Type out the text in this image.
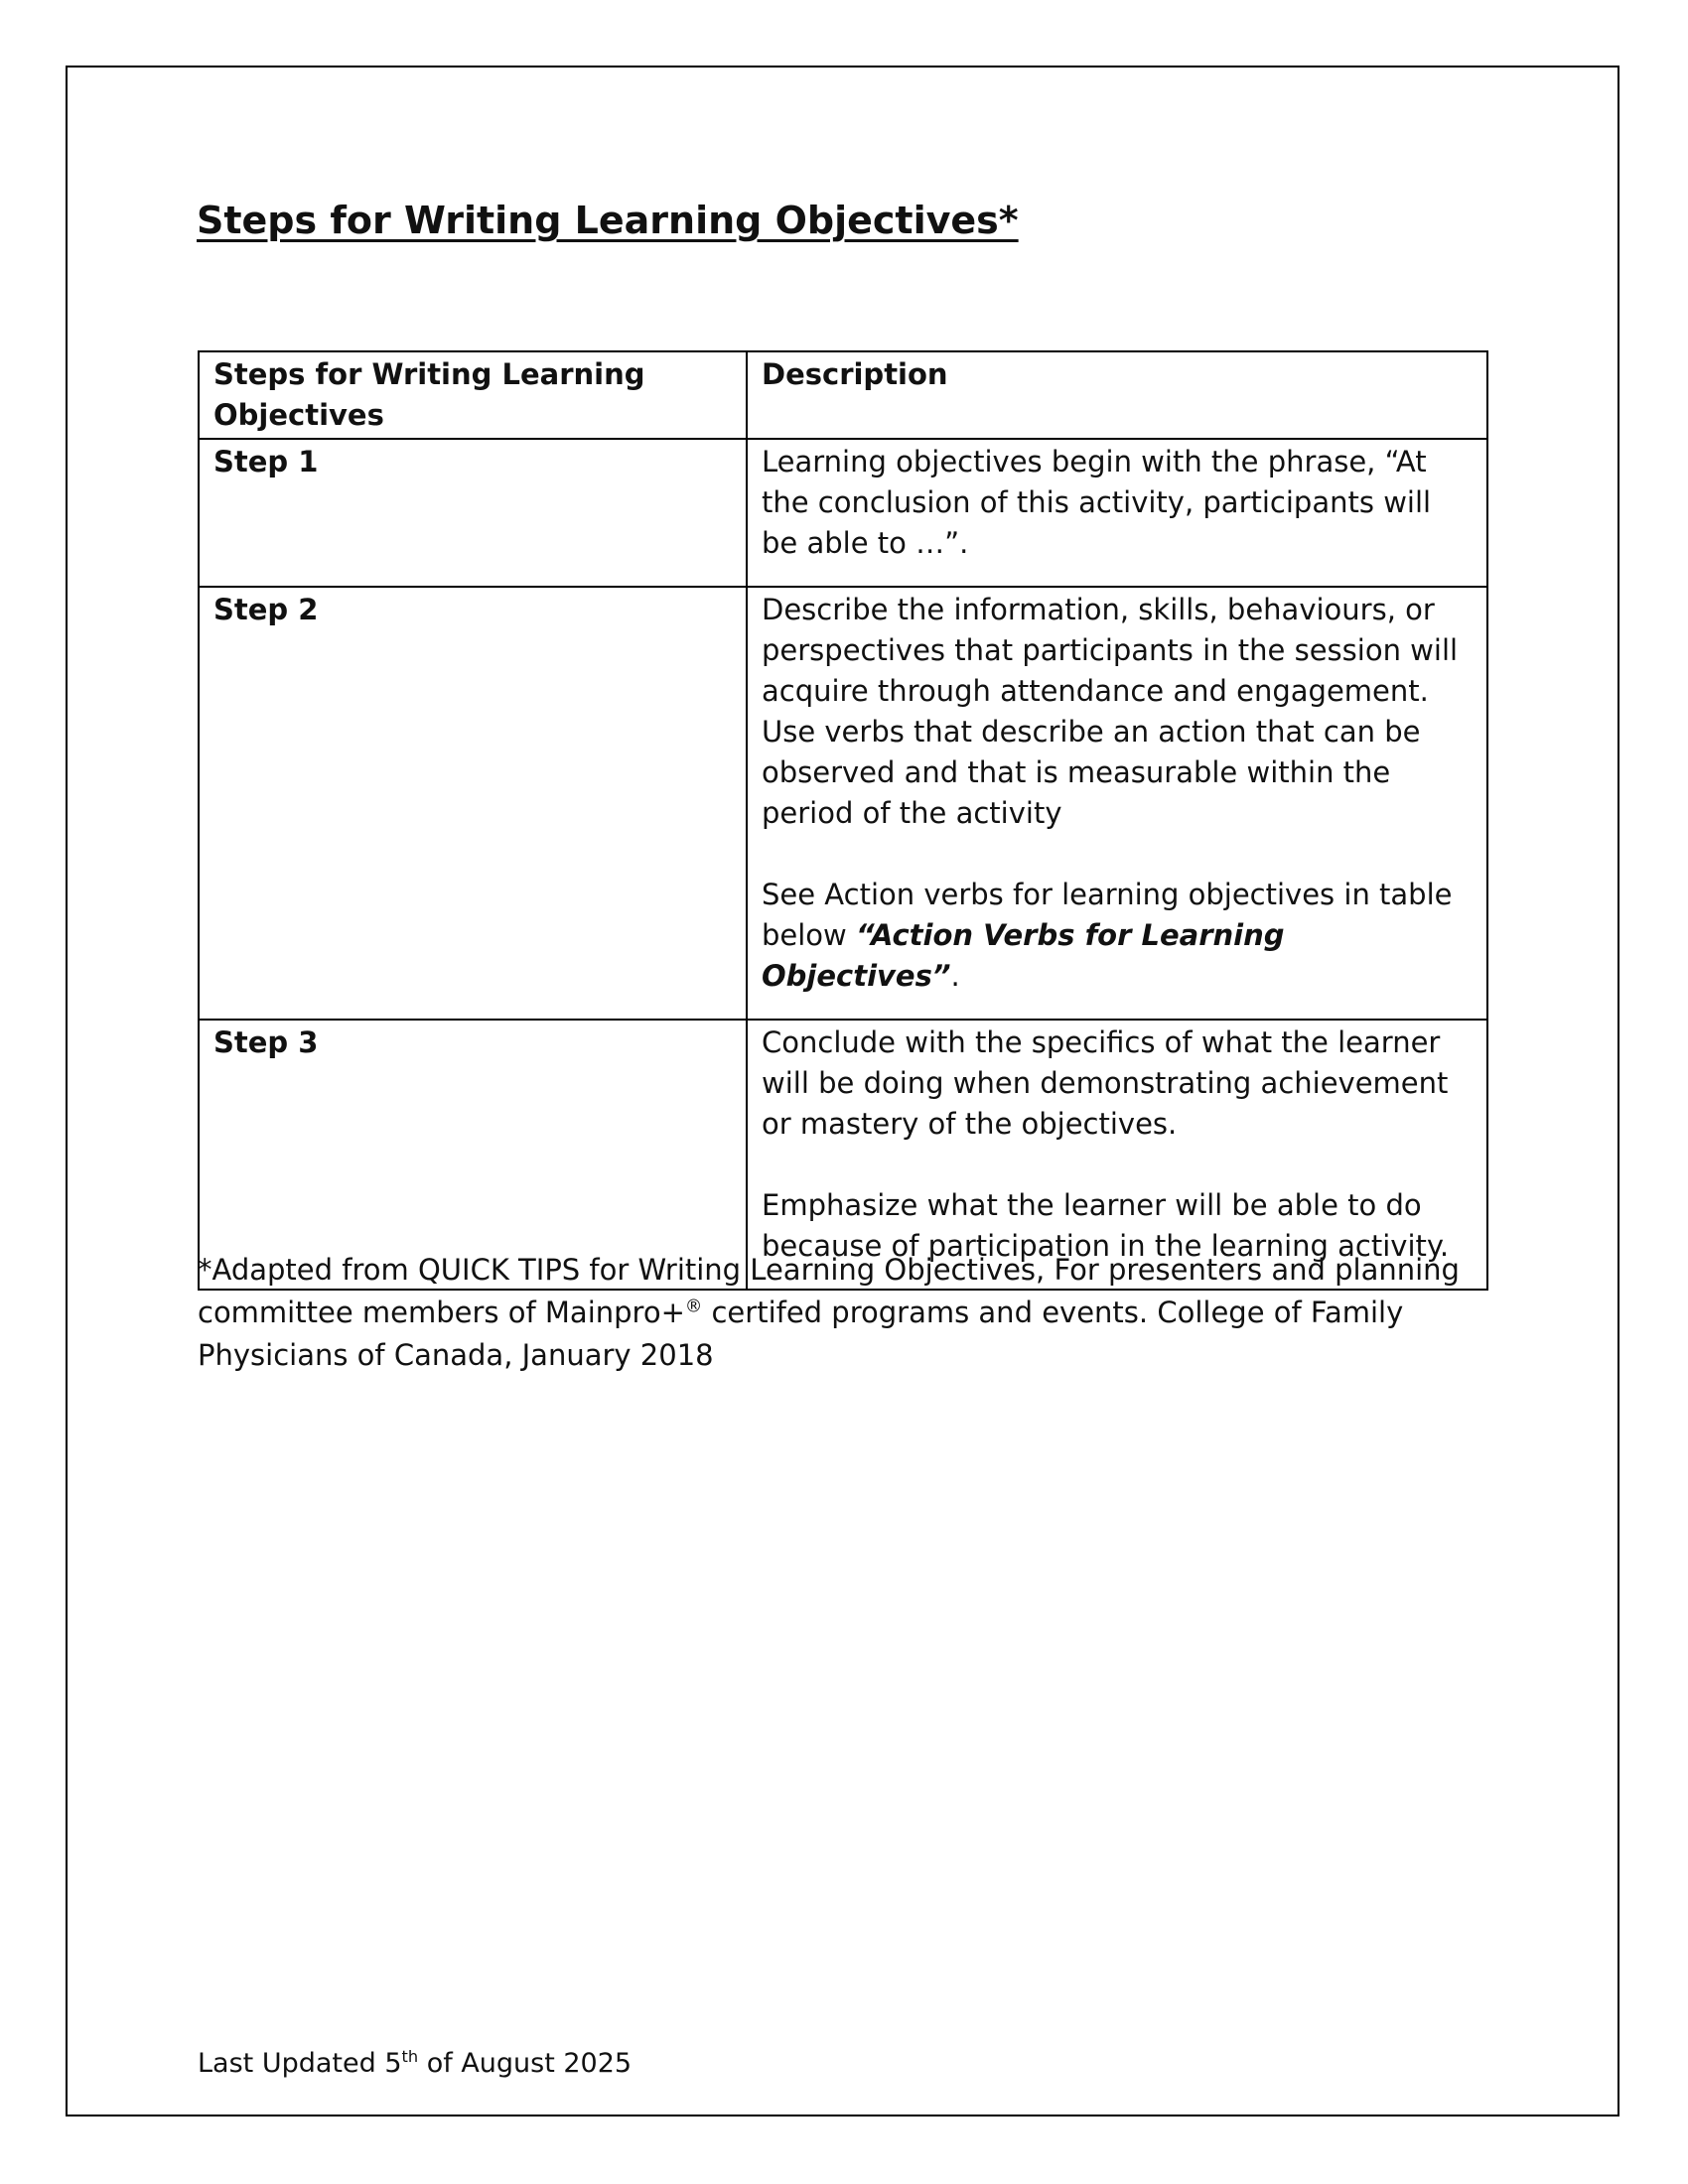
Steps for Writing Learning Objectives*
Steps for Writing Learning Objectives	Description
Step 1	Learning objectives begin with the phrase, “At the conclusion of this activity, participants will be able to …”.

Step 2	Describe the information, skills, behaviours, or perspectives that participants in the session will acquire through attendance and engagement. Use verbs that describe an action that can be observed and that is measurable within the period of the activity
See Action verbs for learning objectives in table below “Action Verbs for Learning Objectives”.

Step 3	Conclude with the specifics of what the learner will be doing when demonstrating achievement or mastery of the objectives.
Emphasize what the learner will be able to do because of participation in the learning activity.

*Adapted from QUICK TIPS for Writing Learning Objectives, For presenters and planning committee members of Mainpro+® certifed programs and events. College of Family Physicians of Canada, January 2018

Last Updated 5th of August 2025
